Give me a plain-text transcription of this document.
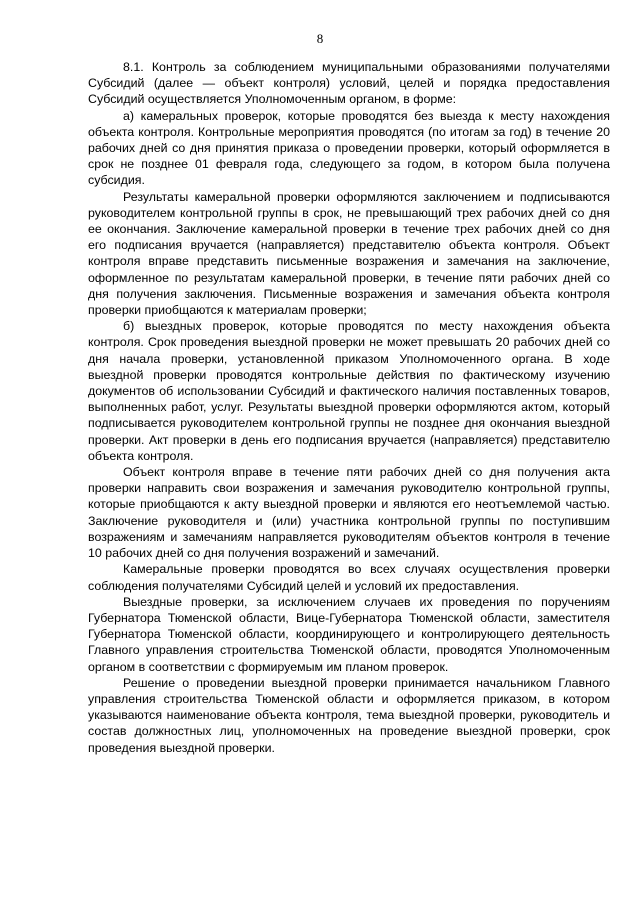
8

8.1. Контроль за соблюдением муниципальными образованиями получателями Субсидий (далее — объект контроля) условий, целей и порядка предоставления Субсидий осуществляется Уполномоченным органом, в форме:

а) камеральных проверок, которые проводятся без выезда к месту нахождения объекта контроля. Контрольные мероприятия проводятся (по итогам за год) в течение 20 рабочих дней со дня принятия приказа о проведении проверки, который оформляется в срок не позднее 01 февраля года, следующего за годом, в котором была получена субсидия.

Результаты камеральной проверки оформляются заключением и подписываются руководителем контрольной группы в срок, не превышающий трех рабочих дней со дня ее окончания. Заключение камеральной проверки в течение трех рабочих дней со дня его подписания вручается (направляется) представителю объекта контроля. Объект контроля вправе представить письменные возражения и замечания на заключение, оформленное по результатам камеральной проверки, в течение пяти рабочих дней со дня получения заключения. Письменные возражения и замечания объекта контроля проверки приобщаются к материалам проверки;

б) выездных проверок, которые проводятся по месту нахождения объекта контроля. Срок проведения выездной проверки не может превышать 20 рабочих дней со дня начала проверки, установленной приказом Уполномоченного органа. В ходе выездной проверки проводятся контрольные действия по фактическому изучению документов об использовании Субсидий и фактического наличия поставленных товаров, выполненных работ, услуг. Результаты выездной проверки оформляются актом, который подписывается руководителем контрольной группы не позднее дня окончания выездной проверки. Акт проверки в день его подписания вручается (направляется) представителю объекта контроля.

Объект контроля вправе в течение пяти рабочих дней со дня получения акта проверки направить свои возражения и замечания руководителю контрольной группы, которые приобщаются к акту выездной проверки и являются его неотъемлемой частью. Заключение руководителя и (или) участника контрольной группы по поступившим возражениям и замечаниям направляется руководителям объектов контроля в течение 10 рабочих дней со дня получения возражений и замечаний.

Камеральные проверки проводятся во всех случаях осуществления проверки соблюдения получателями Субсидий целей и условий их предоставления.

Выездные проверки, за исключением случаев их проведения по поручениям Губернатора Тюменской области, Вице-Губернатора Тюменской области, заместителя Губернатора Тюменской области, координирующего и контролирующего деятельность Главного управления строительства Тюменской области, проводятся Уполномоченным органом в соответствии с формируемым им планом проверок.

Решение о проведении выездной проверки принимается начальником Главного управления строительства Тюменской области и оформляется приказом, в котором указываются наименование объекта контроля, тема выездной проверки, руководитель и состав должностных лиц, уполномоченных на проведение выездной проверки, срок проведения выездной проверки.
